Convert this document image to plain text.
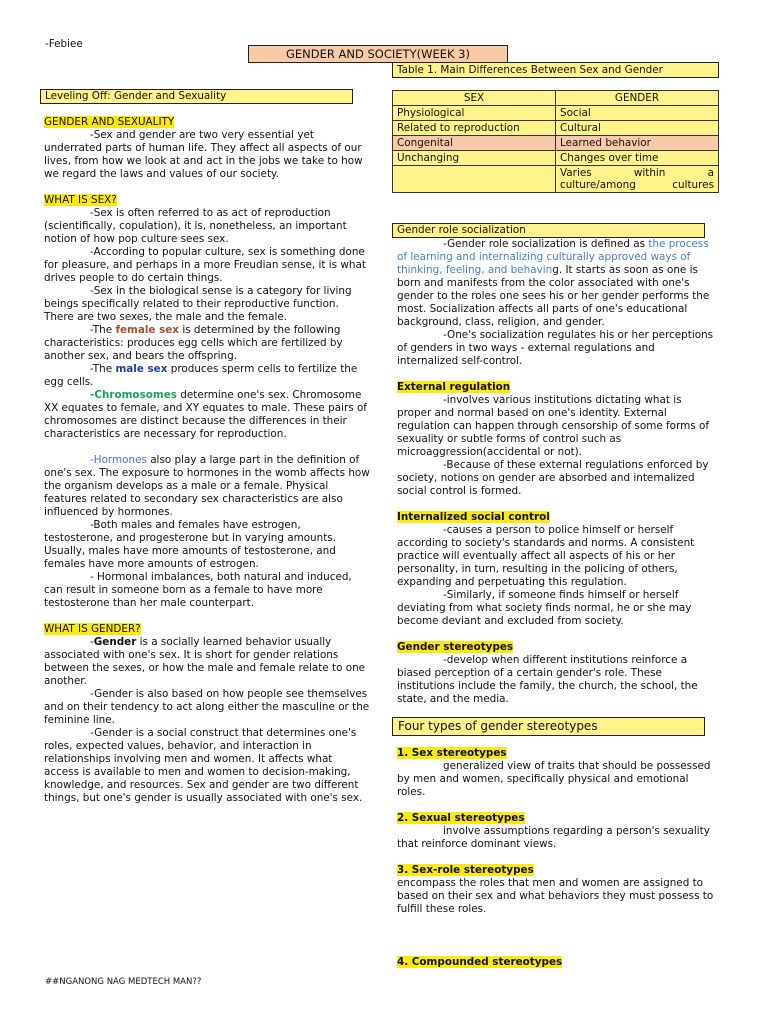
-Febiee
GENDER AND SOCIETY(WEEK 3)
Table 1. Main Differences Between Sex and Gender
SEX	GENDER
Physiological	Social
Related to reproduction	Cultural
Congenital	Learned behavior
Unchanging	Changes over time
	Varies within a culture/among cultures
Leveling Off: Gender and Sexuality

GENDER AND SEXUALITY

-Sex and gender are two very essential yet underrated parts of human life. They affect all aspects of our lives, from how we look at and act in the jobs we take to how we regard the laws and values of our society.

WHAT IS SEX?

-Sex is often referred to as act of reproduction (scientifically, copulation), it is, nonetheless, an important notion of how pop culture sees sex.

-According to popular culture, sex is something done for pleasure, and perhaps in a more Freudian sense, it is what drives people to do certain things.

-Sex in the biological sense is a category for living beings specifically related to their reproductive function. There are two sexes, the male and the female.

-The female sex is determined by the following characteristics: produces egg cells which are fertilized by another sex, and bears the offspring.

-The male sex produces sperm cells to fertilize the egg cells.

-Chromosomes determine one's sex. Chromosome XX equates to female, and XY equates to male. These pairs of chromosomes are distinct because the differences in their characteristics are necessary for reproduction.

-Hormones also play a large part in the definition of one's sex. The exposure to hormones in the womb affects how the organism develops as a male or a female. Physical features related to secondary sex characteristics are also influenced by hormones.

-Both males and females have estrogen, testosterone, and progesterone but in varying amounts. Usually, males have more amounts of testosterone, and females have more amounts of estrogen.

- Hormonal imbalances, both natural and induced, can result in someone born as a female to have more testosterone than her male counterpart.

WHAT IS GENDER?

-Gender is a socially learned behavior usually associated with one's sex. It is short for gender relations between the sexes, or how the male and female relate to one another.

-Gender is also based on how people see themselves and on their tendency to act along either the masculine or the feminine line.

-Gender is a social construct that determines one's roles, expected values, behavior, and interaction in relationships involving men and women. It affects what access is available to men and women to decision-making, knowledge, and resources. Sex and gender are two different things, but one's gender is usually associated with one's sex.

Gender role socialization

-Gender role socialization is defined as the process of learning and internalizing culturally approved ways of thinking, feeling, and behaving. It starts as soon as one is born and manifests from the color associated with one's gender to the roles one sees his or her gender performs the most. Socialization affects all parts of one's educational background, class, religion, and gender.

-One's socialization regulates his or her perceptions of genders in two ways - external regulations and internalized self-control.

External regulation

-involves various institutions dictating what is proper and normal based on one's identity. External regulation can happen through censorship of some forms of sexuality or subtle forms of control such as microaggression(accidental or not).

-Because of these external regulations enforced by society, notions on gender are absorbed and internalized social control is formed.

Internalized social control

-causes a person to police himself or herself according to society's standards and norms. A consistent practice will eventually affect all aspects of his or her personality, in turn, resulting in the policing of others, expanding and perpetuating this regulation.

-Similarly, if someone finds himself or herself deviating from what society finds normal, he or she may become deviant and excluded from society.

Gender stereotypes

-develop when different institutions reinforce a biased perception of a certain gender's role. These institutions include the family, the church, the school, the state, and the media.

Four types of gender stereotypes

1. Sex stereotypes

generalized view of traits that should be possessed by men and women, specifically physical and emotional roles.

2. Sexual stereotypes

involve assumptions regarding a person's sexuality that reinforce dominant views.

3. Sex-role stereotypes

encompass the roles that men and women are assigned to based on their sex and what behaviors they must possess to fulfill these roles.

4. Compounded stereotypes
##NGANONG NAG MEDTECH MAN??
